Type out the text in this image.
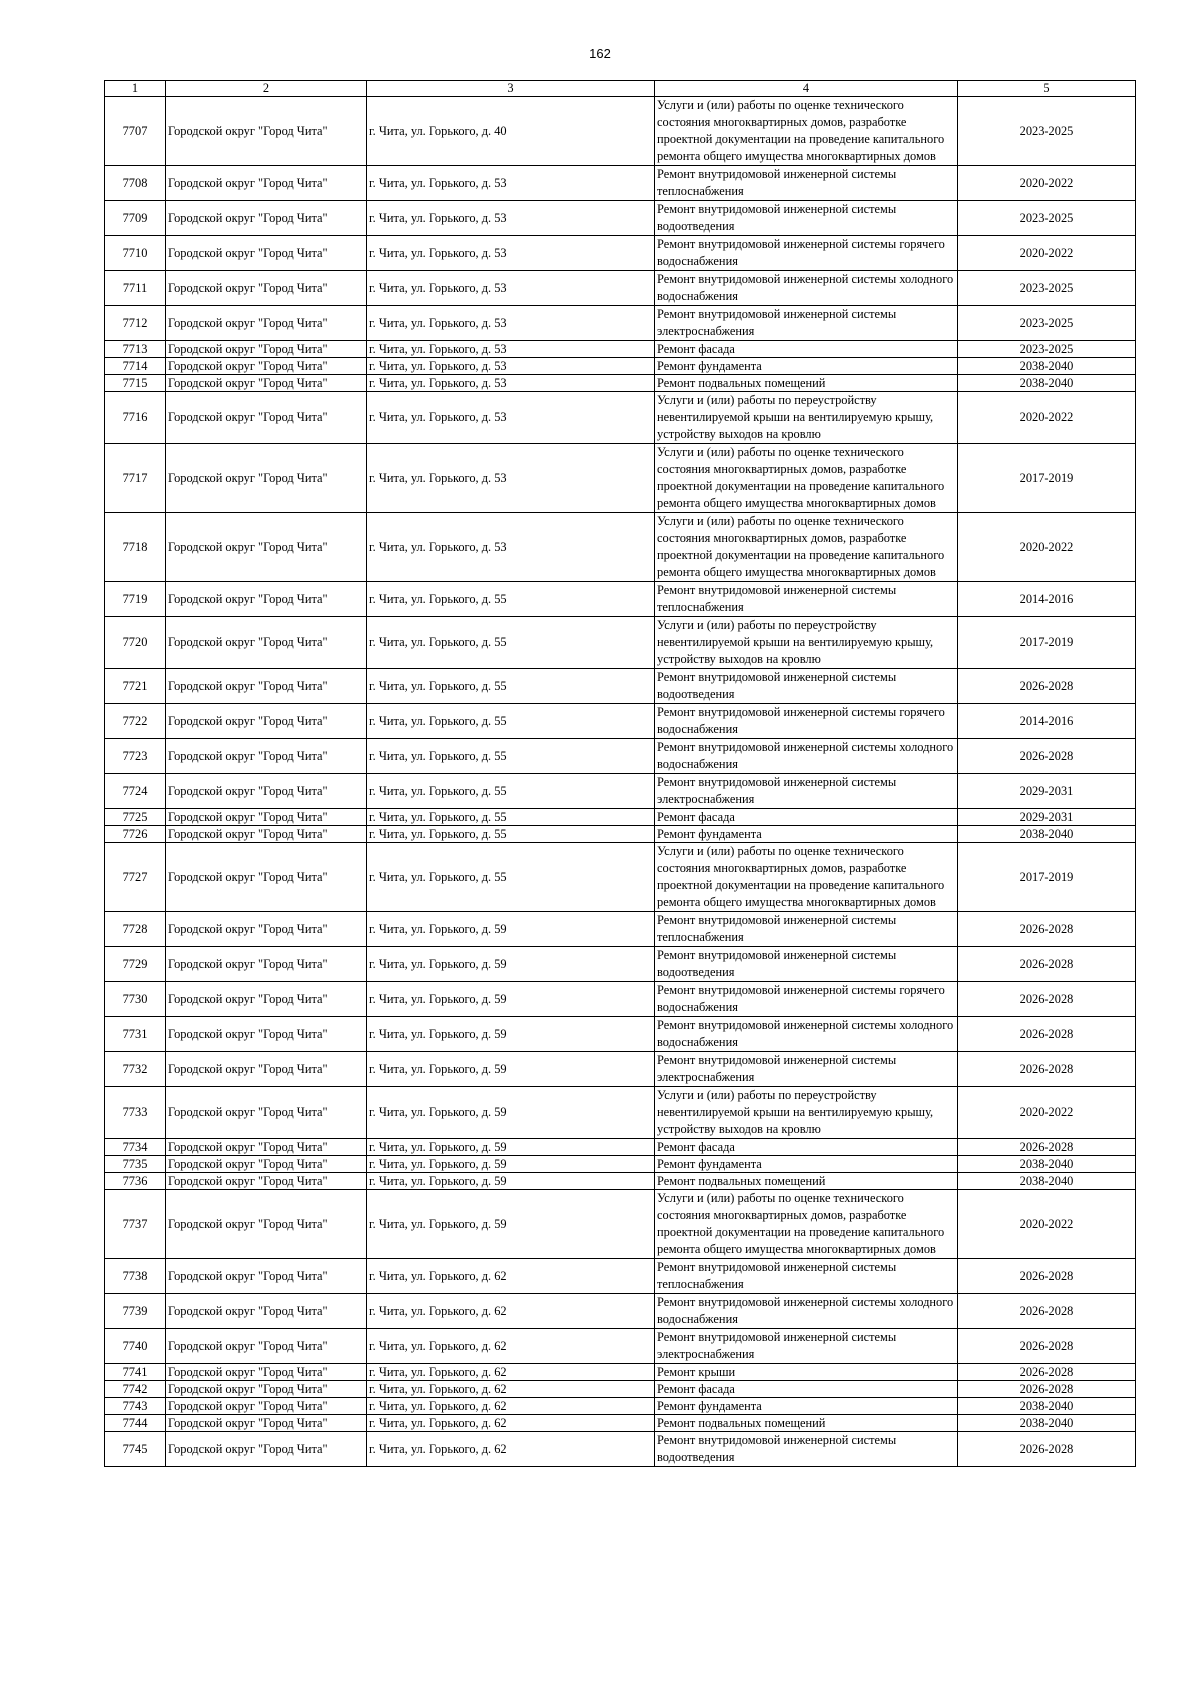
162
1	2	3	4	5
7707	Городской округ "Город Чита"	г. Чита, ул. Горького, д. 40	Услуги и (или) работы по оценке технического состояния многоквартирных домов, разработке проектной документации на проведение капитального ремонта общего имущества многоквартирных домов	2023-2025
7708	Городской округ "Город Чита"	г. Чита, ул. Горького, д. 53	Ремонт внутридомовой инженерной системы теплоснабжения	2020-2022
7709	Городской округ "Город Чита"	г. Чита, ул. Горького, д. 53	Ремонт внутридомовой инженерной системы водоотведения	2023-2025
7710	Городской округ "Город Чита"	г. Чита, ул. Горького, д. 53	Ремонт внутридомовой инженерной системы горячего водоснабжения	2020-2022
7711	Городской округ "Город Чита"	г. Чита, ул. Горького, д. 53	Ремонт внутридомовой инженерной системы холодного водоснабжения	2023-2025
7712	Городской округ "Город Чита"	г. Чита, ул. Горького, д. 53	Ремонт внутридомовой инженерной системы электроснабжения	2023-2025
7713	Городской округ "Город Чита"	г. Чита, ул. Горького, д. 53	Ремонт фасада	2023-2025
7714	Городской округ "Город Чита"	г. Чита, ул. Горького, д. 53	Ремонт фундамента	2038-2040
7715	Городской округ "Город Чита"	г. Чита, ул. Горького, д. 53	Ремонт подвальных помещений	2038-2040
7716	Городской округ "Город Чита"	г. Чита, ул. Горького, д. 53	Услуги и (или) работы по переустройству невентилируемой крыши на вентилируемую крышу, устройству выходов на кровлю	2020-2022
7717	Городской округ "Город Чита"	г. Чита, ул. Горького, д. 53	Услуги и (или) работы по оценке технического состояния многоквартирных домов, разработке проектной документации на проведение капитального ремонта общего имущества многоквартирных домов	2017-2019
7718	Городской округ "Город Чита"	г. Чита, ул. Горького, д. 53	Услуги и (или) работы по оценке технического состояния многоквартирных домов, разработке проектной документации на проведение капитального ремонта общего имущества многоквартирных домов	2020-2022
7719	Городской округ "Город Чита"	г. Чита, ул. Горького, д. 55	Ремонт внутридомовой инженерной системы теплоснабжения	2014-2016
7720	Городской округ "Город Чита"	г. Чита, ул. Горького, д. 55	Услуги и (или) работы по переустройству невентилируемой крыши на вентилируемую крышу, устройству выходов на кровлю	2017-2019
7721	Городской округ "Город Чита"	г. Чита, ул. Горького, д. 55	Ремонт внутридомовой инженерной системы водоотведения	2026-2028
7722	Городской округ "Город Чита"	г. Чита, ул. Горького, д. 55	Ремонт внутридомовой инженерной системы горячего водоснабжения	2014-2016
7723	Городской округ "Город Чита"	г. Чита, ул. Горького, д. 55	Ремонт внутридомовой инженерной системы холодного водоснабжения	2026-2028
7724	Городской округ "Город Чита"	г. Чита, ул. Горького, д. 55	Ремонт внутридомовой инженерной системы электроснабжения	2029-2031
7725	Городской округ "Город Чита"	г. Чита, ул. Горького, д. 55	Ремонт фасада	2029-2031
7726	Городской округ "Город Чита"	г. Чита, ул. Горького, д. 55	Ремонт фундамента	2038-2040
7727	Городской округ "Город Чита"	г. Чита, ул. Горького, д. 55	Услуги и (или) работы по оценке технического состояния многоквартирных домов, разработке проектной документации на проведение капитального ремонта общего имущества многоквартирных домов	2017-2019
7728	Городской округ "Город Чита"	г. Чита, ул. Горького, д. 59	Ремонт внутридомовой инженерной системы теплоснабжения	2026-2028
7729	Городской округ "Город Чита"	г. Чита, ул. Горького, д. 59	Ремонт внутридомовой инженерной системы водоотведения	2026-2028
7730	Городской округ "Город Чита"	г. Чита, ул. Горького, д. 59	Ремонт внутридомовой инженерной системы горячего водоснабжения	2026-2028
7731	Городской округ "Город Чита"	г. Чита, ул. Горького, д. 59	Ремонт внутридомовой инженерной системы холодного водоснабжения	2026-2028
7732	Городской округ "Город Чита"	г. Чита, ул. Горького, д. 59	Ремонт внутридомовой инженерной системы электроснабжения	2026-2028
7733	Городской округ "Город Чита"	г. Чита, ул. Горького, д. 59	Услуги и (или) работы по переустройству невентилируемой крыши на вентилируемую крышу, устройству выходов на кровлю	2020-2022
7734	Городской округ "Город Чита"	г. Чита, ул. Горького, д. 59	Ремонт фасада	2026-2028
7735	Городской округ "Город Чита"	г. Чита, ул. Горького, д. 59	Ремонт фундамента	2038-2040
7736	Городской округ "Город Чита"	г. Чита, ул. Горького, д. 59	Ремонт подвальных помещений	2038-2040
7737	Городской округ "Город Чита"	г. Чита, ул. Горького, д. 59	Услуги и (или) работы по оценке технического состояния многоквартирных домов, разработке проектной документации на проведение капитального ремонта общего имущества многоквартирных домов	2020-2022
7738	Городской округ "Город Чита"	г. Чита, ул. Горького, д. 62	Ремонт внутридомовой инженерной системы теплоснабжения	2026-2028
7739	Городской округ "Город Чита"	г. Чита, ул. Горького, д. 62	Ремонт внутридомовой инженерной системы холодного водоснабжения	2026-2028
7740	Городской округ "Город Чита"	г. Чита, ул. Горького, д. 62	Ремонт внутридомовой инженерной системы электроснабжения	2026-2028
7741	Городской округ "Город Чита"	г. Чита, ул. Горького, д. 62	Ремонт крыши	2026-2028
7742	Городской округ "Город Чита"	г. Чита, ул. Горького, д. 62	Ремонт фасада	2026-2028
7743	Городской округ "Город Чита"	г. Чита, ул. Горького, д. 62	Ремонт фундамента	2038-2040
7744	Городской округ "Город Чита"	г. Чита, ул. Горького, д. 62	Ремонт подвальных помещений	2038-2040
7745	Городской округ "Город Чита"	г. Чита, ул. Горького, д. 62	Ремонт внутридомовой инженерной системы водоотведения	2026-2028
